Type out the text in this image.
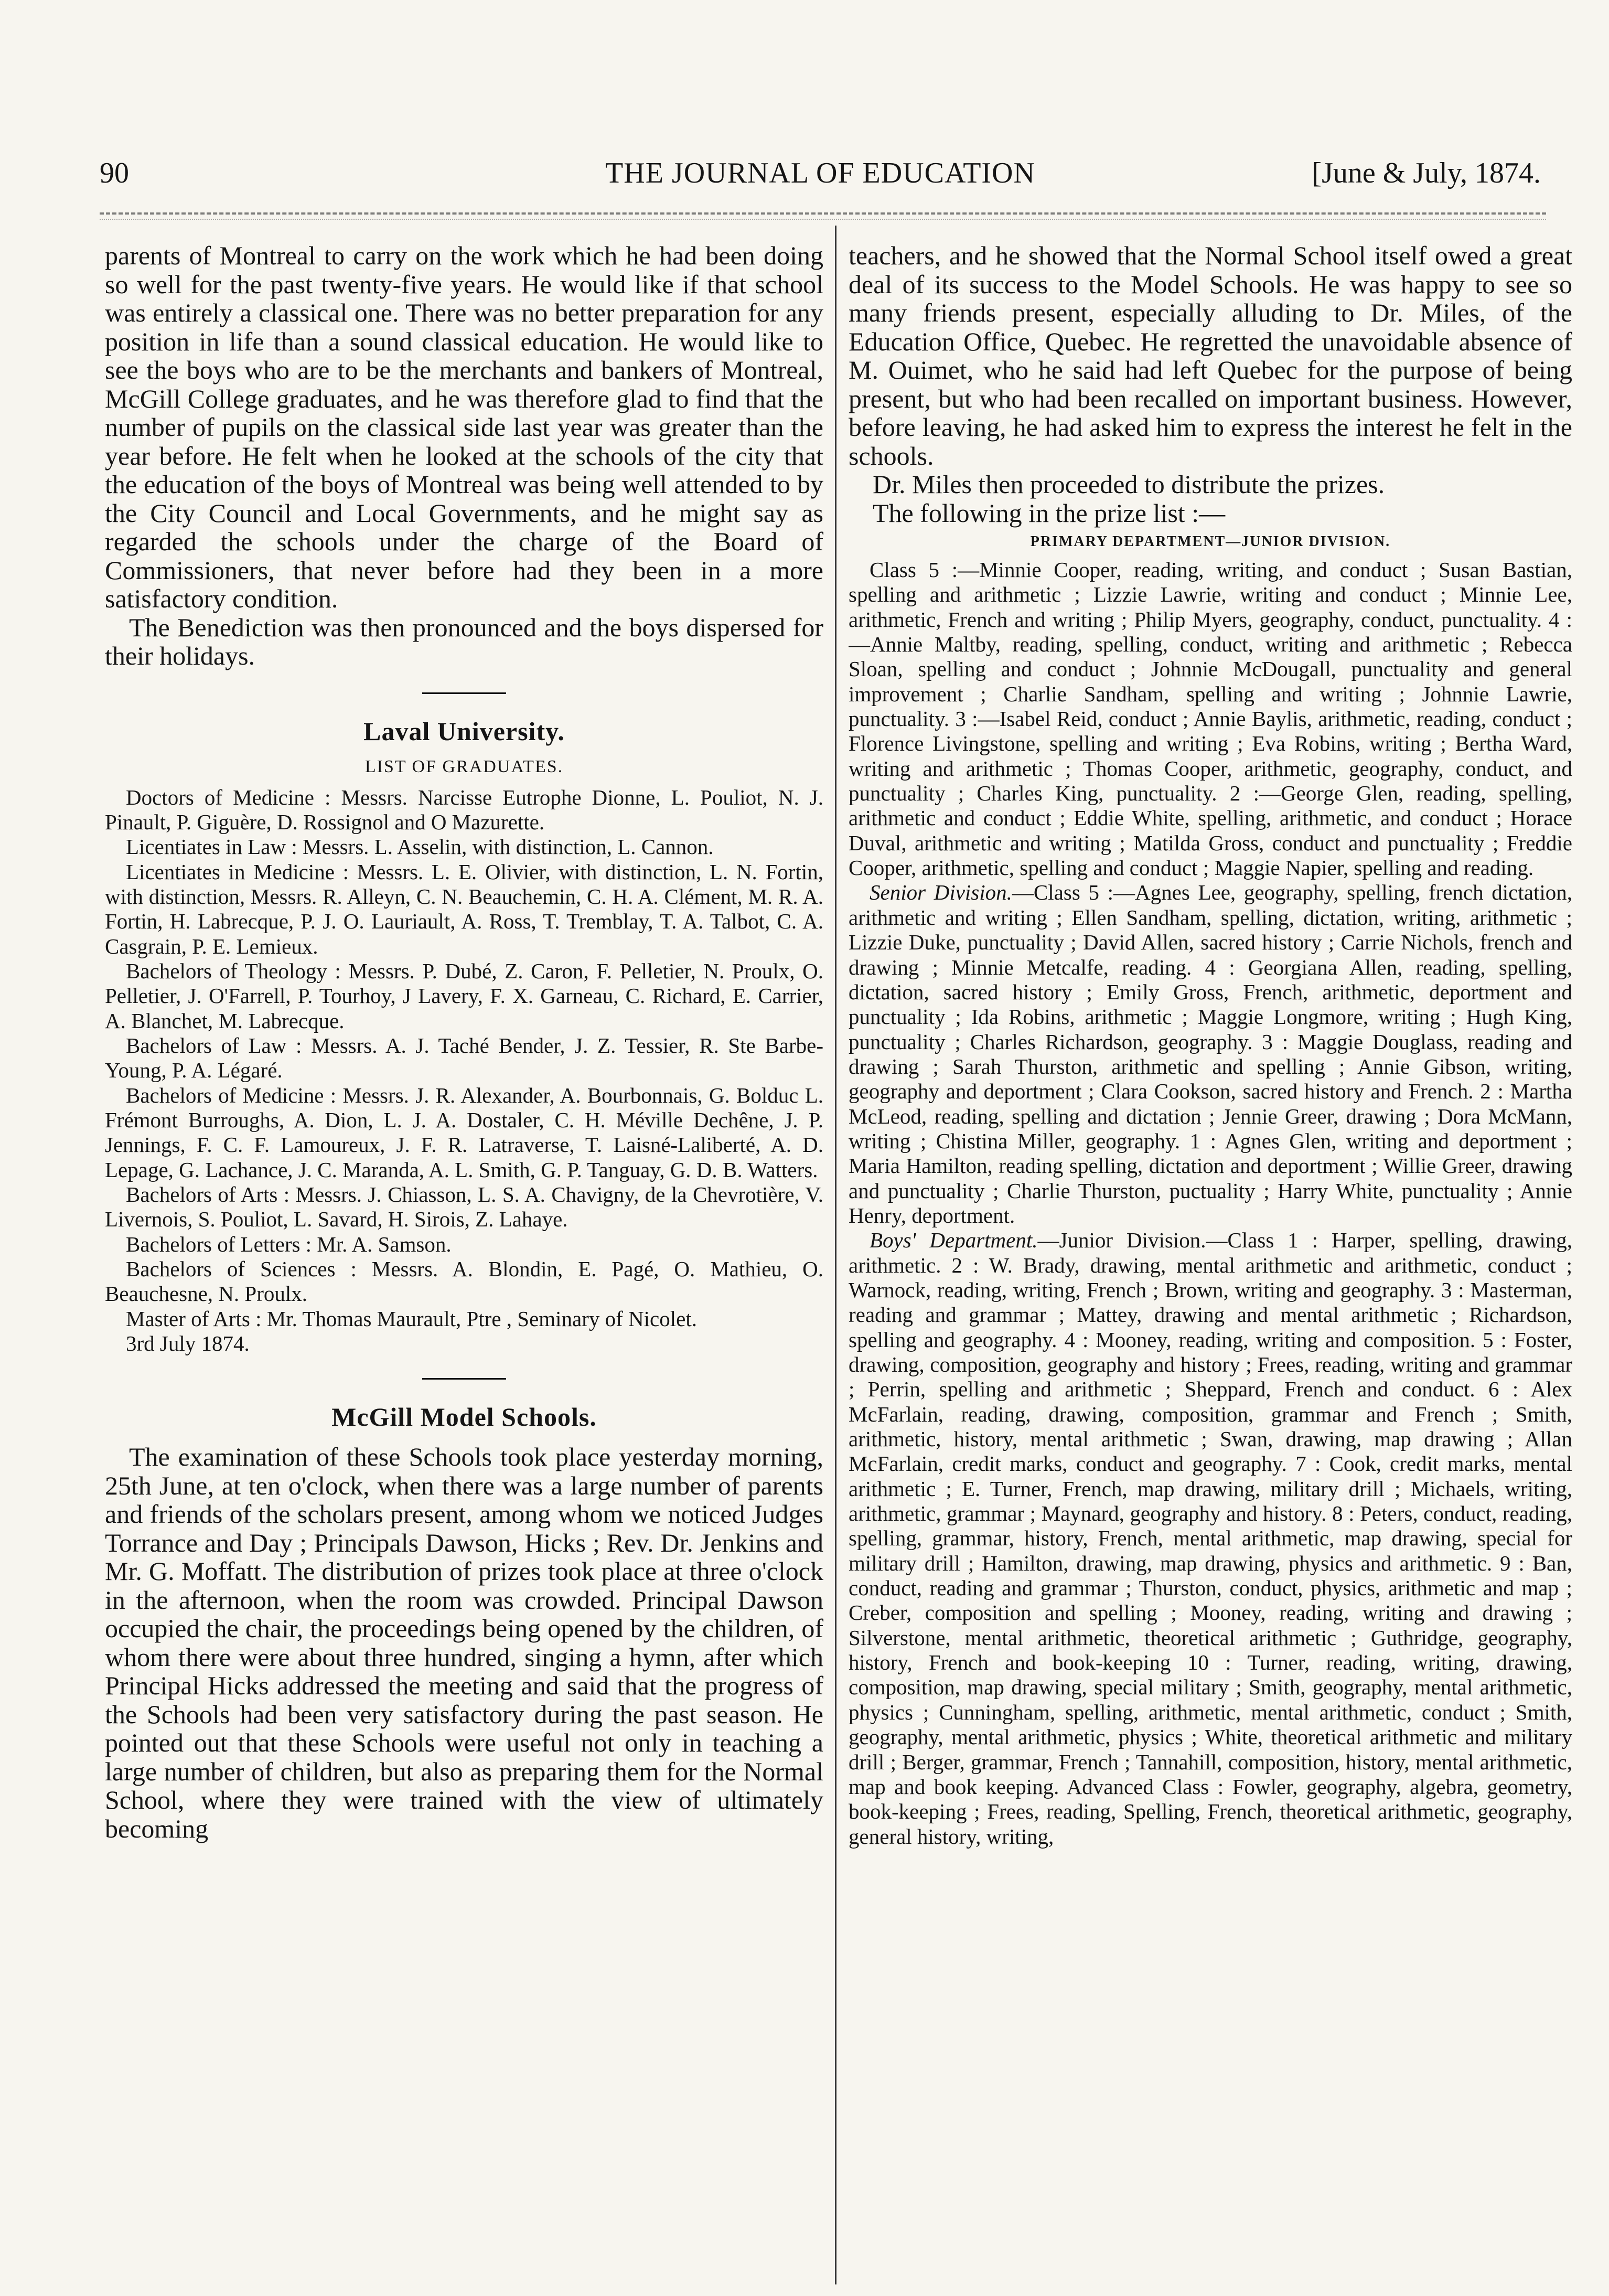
90	THE JOURNAL OF EDUCATION	[June & July, 1874.

parents of Montreal to carry on the work which he had been doing so well for the past twenty-five years. He would like if that school was entirely a classical one. There was no better preparation for any position in life than a sound classical education. He would like to see the boys who are to be the merchants and bankers of Montreal, McGill College graduates, and he was therefore glad to find that the number of pupils on the classical side last year was greater than the year before. He felt when he looked at the schools of the city that the education of the boys of Montreal was being well attended to by the City Council and Local Governments, and he might say as regarded the schools under the charge of the Board of Commissioners, that never before had they been in a more satisfactory condition.

The Benediction was then pronounced and the boys dispersed for their holidays.

Laval University.
LIST OF GRADUATES.

Doctors of Medicine : Messrs. Narcisse Eutrophe Dionne, L. Pouliot, N. J. Pinault, P. Giguère, D. Rossignol and O Mazurette.

Licentiates in Law : Messrs. L. Asselin, with distinction, L. Cannon.

Licentiates in Medicine : Messrs. L. E. Olivier, with distinction, L. N. Fortin, with distinction, Messrs. R. Alleyn, C. N. Beauchemin, C. H. A. Clément, M. R. A. Fortin, H. Labrecque, P. J. O. Lauriault, A. Ross, T. Tremblay, T. A. Talbot, C. A. Casgrain, P. E. Lemieux.

Bachelors of Theology : Messrs. P. Dubé, Z. Caron, F. Pelletier, N. Proulx, O. Pelletier, J. O'Farrell, P. Tourhoy, J Lavery, F. X. Garneau, C. Richard, E. Carrier, A. Blanchet, M. Labrecque.

Bachelors of Law : Messrs. A. J. Taché Bender, J. Z. Tessier, R. Ste Barbe-Young, P. A. Légaré.

Bachelors of Medicine : Messrs. J. R. Alexander, A. Bourbonnais, G. Bolduc L. Frémont Burroughs, A. Dion, L. J. A. Dostaler, C. H. Méville Dechêne, J. P. Jennings, F. C. F. Lamoureux, J. F. R. Latraverse, T. Laisné-Laliberté, A. D. Lepage, G. Lachance, J. C. Maranda, A. L. Smith, G. P. Tanguay, G. D. B. Watters.

Bachelors of Arts : Messrs. J. Chiasson, L. S. A. Chavigny, de la Chevrotière, V. Livernois, S. Pouliot, L. Savard, H. Sirois, Z. Lahaye.

Bachelors of Letters : Mr. A. Samson.

Bachelors of Sciences : Messrs. A. Blondin, E. Pagé, O. Mathieu, O. Beauchesne, N. Proulx.

Master of Arts : Mr. Thomas Maurault, Ptre , Seminary of Nicolet.

3rd July 1874.

McGill Model Schools.

The examination of these Schools took place yesterday morning, 25th June, at ten o'clock, when there was a large number of parents and friends of the scholars present, among whom we noticed Judges Torrance and Day ; Principals Dawson, Hicks ; Rev. Dr. Jenkins and Mr. G. Moffatt. The distribution of prizes took place at three o'clock in the afternoon, when the room was crowded. Principal Dawson occupied the chair, the proceedings being opened by the children, of whom there were about three hundred, singing a hymn, after which Principal Hicks addressed the meeting and said that the progress of the Schools had been very satisfactory during the past season. He pointed out that these Schools were useful not only in teaching a large number of children, but also as preparing them for the Normal School, where they were trained with the view of ultimately becoming

teachers, and he showed that the Normal School itself owed a great deal of its success to the Model Schools. He was happy to see so many friends present, especially alluding to Dr. Miles, of the Education Office, Quebec. He regretted the unavoidable absence of M. Ouimet, who he said had left Quebec for the purpose of being present, but who had been recalled on important business. However, before leaving, he had asked him to express the interest he felt in the schools.

Dr. Miles then proceeded to distribute the prizes.

The following in the prize list :—

PRIMARY DEPARTMENT—JUNIOR DIVISION.

Class 5 :—Minnie Cooper, reading, writing, and conduct ; Susan Bastian, spelling and arithmetic ; Lizzie Lawrie, writing and conduct ; Minnie Lee, arithmetic, French and writing ; Philip Myers, geography, conduct, punctuality. 4 :—Annie Maltby, reading, spelling, conduct, writing and arithmetic ; Rebecca Sloan, spelling and conduct ; Johnnie McDougall, punctuality and general improvement ; Charlie Sandham, spelling and writing ; Johnnie Lawrie, punctuality. 3 :—Isabel Reid, conduct ; Annie Baylis, arithmetic, reading, conduct ; Florence Livingstone, spelling and writing ; Eva Robins, writing ; Bertha Ward, writing and arithmetic ; Thomas Cooper, arithmetic, geography, conduct, and punctuality ; Charles King, punctuality. 2 :—George Glen, reading, spelling, arithmetic and conduct ; Eddie White, spelling, arithmetic, and conduct ; Horace Duval, arithmetic and writing ; Matilda Gross, conduct and punctuality ; Freddie Cooper, arithmetic, spelling and conduct ; Maggie Napier, spelling and reading.

Senior Division.—Class 5 :—Agnes Lee, geography, spelling, french dictation, arithmetic and writing ; Ellen Sandham, spelling, dictation, writing, arithmetic ; Lizzie Duke, punctuality ; David Allen, sacred history ; Carrie Nichols, french and drawing ; Minnie Metcalfe, reading. 4 : Georgiana Allen, reading, spelling, dictation, sacred history ; Emily Gross, French, arithmetic, deportment and punctuality ; Ida Robins, arithmetic ; Maggie Longmore, writing ; Hugh King, punctuality ; Charles Richardson, geography. 3 : Maggie Douglass, reading and drawing ; Sarah Thurston, arithmetic and spelling ; Annie Gibson, writing, geography and deportment ; Clara Cookson, sacred history and French. 2 : Martha McLeod, reading, spelling and dictation ; Jennie Greer, drawing ; Dora McMann, writing ; Chistina Miller, geography. 1 : Agnes Glen, writing and deportment ; Maria Hamilton, reading spelling, dictation and deportment ; Willie Greer, drawing and punctuality ; Charlie Thurston, puctuality ; Harry White, punctuality ; Annie Henry, deportment.

Boys' Department.—Junior Division.—Class 1 : Harper, spelling, drawing, arithmetic. 2 : W. Brady, drawing, mental arithmetic and arithmetic, conduct ; Warnock, reading, writing, French ; Brown, writing and geography. 3 : Masterman, reading and grammar ; Mattey, drawing and mental arithmetic ; Richardson, spelling and geography. 4 : Mooney, reading, writing and composition. 5 : Foster, drawing, composition, geography and history ; Frees, reading, writing and grammar ; Perrin, spelling and arithmetic ; Sheppard, French and conduct. 6 : Alex McFarlain, reading, drawing, composition, grammar and French ; Smith, arithmetic, history, mental arithmetic ; Swan, drawing, map drawing ; Allan McFarlain, credit marks, conduct and geography. 7 : Cook, credit marks, mental arithmetic ; E. Turner, French, map drawing, military drill ; Michaels, writing, arithmetic, grammar ; Maynard, geography and history. 8 : Peters, conduct, reading, spelling, grammar, history, French, mental arithmetic, map drawing, special for military drill ; Hamilton, drawing, map drawing, physics and arithmetic. 9 : Ban, conduct, reading and grammar ; Thurston, conduct, physics, arithmetic and map ; Creber, composition and spelling ; Mooney, reading, writing and drawing ; Silverstone, mental arithmetic, theoretical arithmetic ; Guthridge, geography, history, French and book-keeping 10 : Turner, reading, writing, drawing, composition, map drawing, special military ; Smith, geography, mental arithmetic, physics ; Cunningham, spelling, arithmetic, mental arithmetic, conduct ; Smith, geography, mental arithmetic, physics ; White, theoretical arithmetic and military drill ; Berger, grammar, French ; Tannahill, composition, history, mental arithmetic, map and book keeping. Advanced Class : Fowler, geography, algebra, geometry, book-keeping ; Frees, reading, Spelling, French, theoretical arithmetic, geography, general history, writing,
